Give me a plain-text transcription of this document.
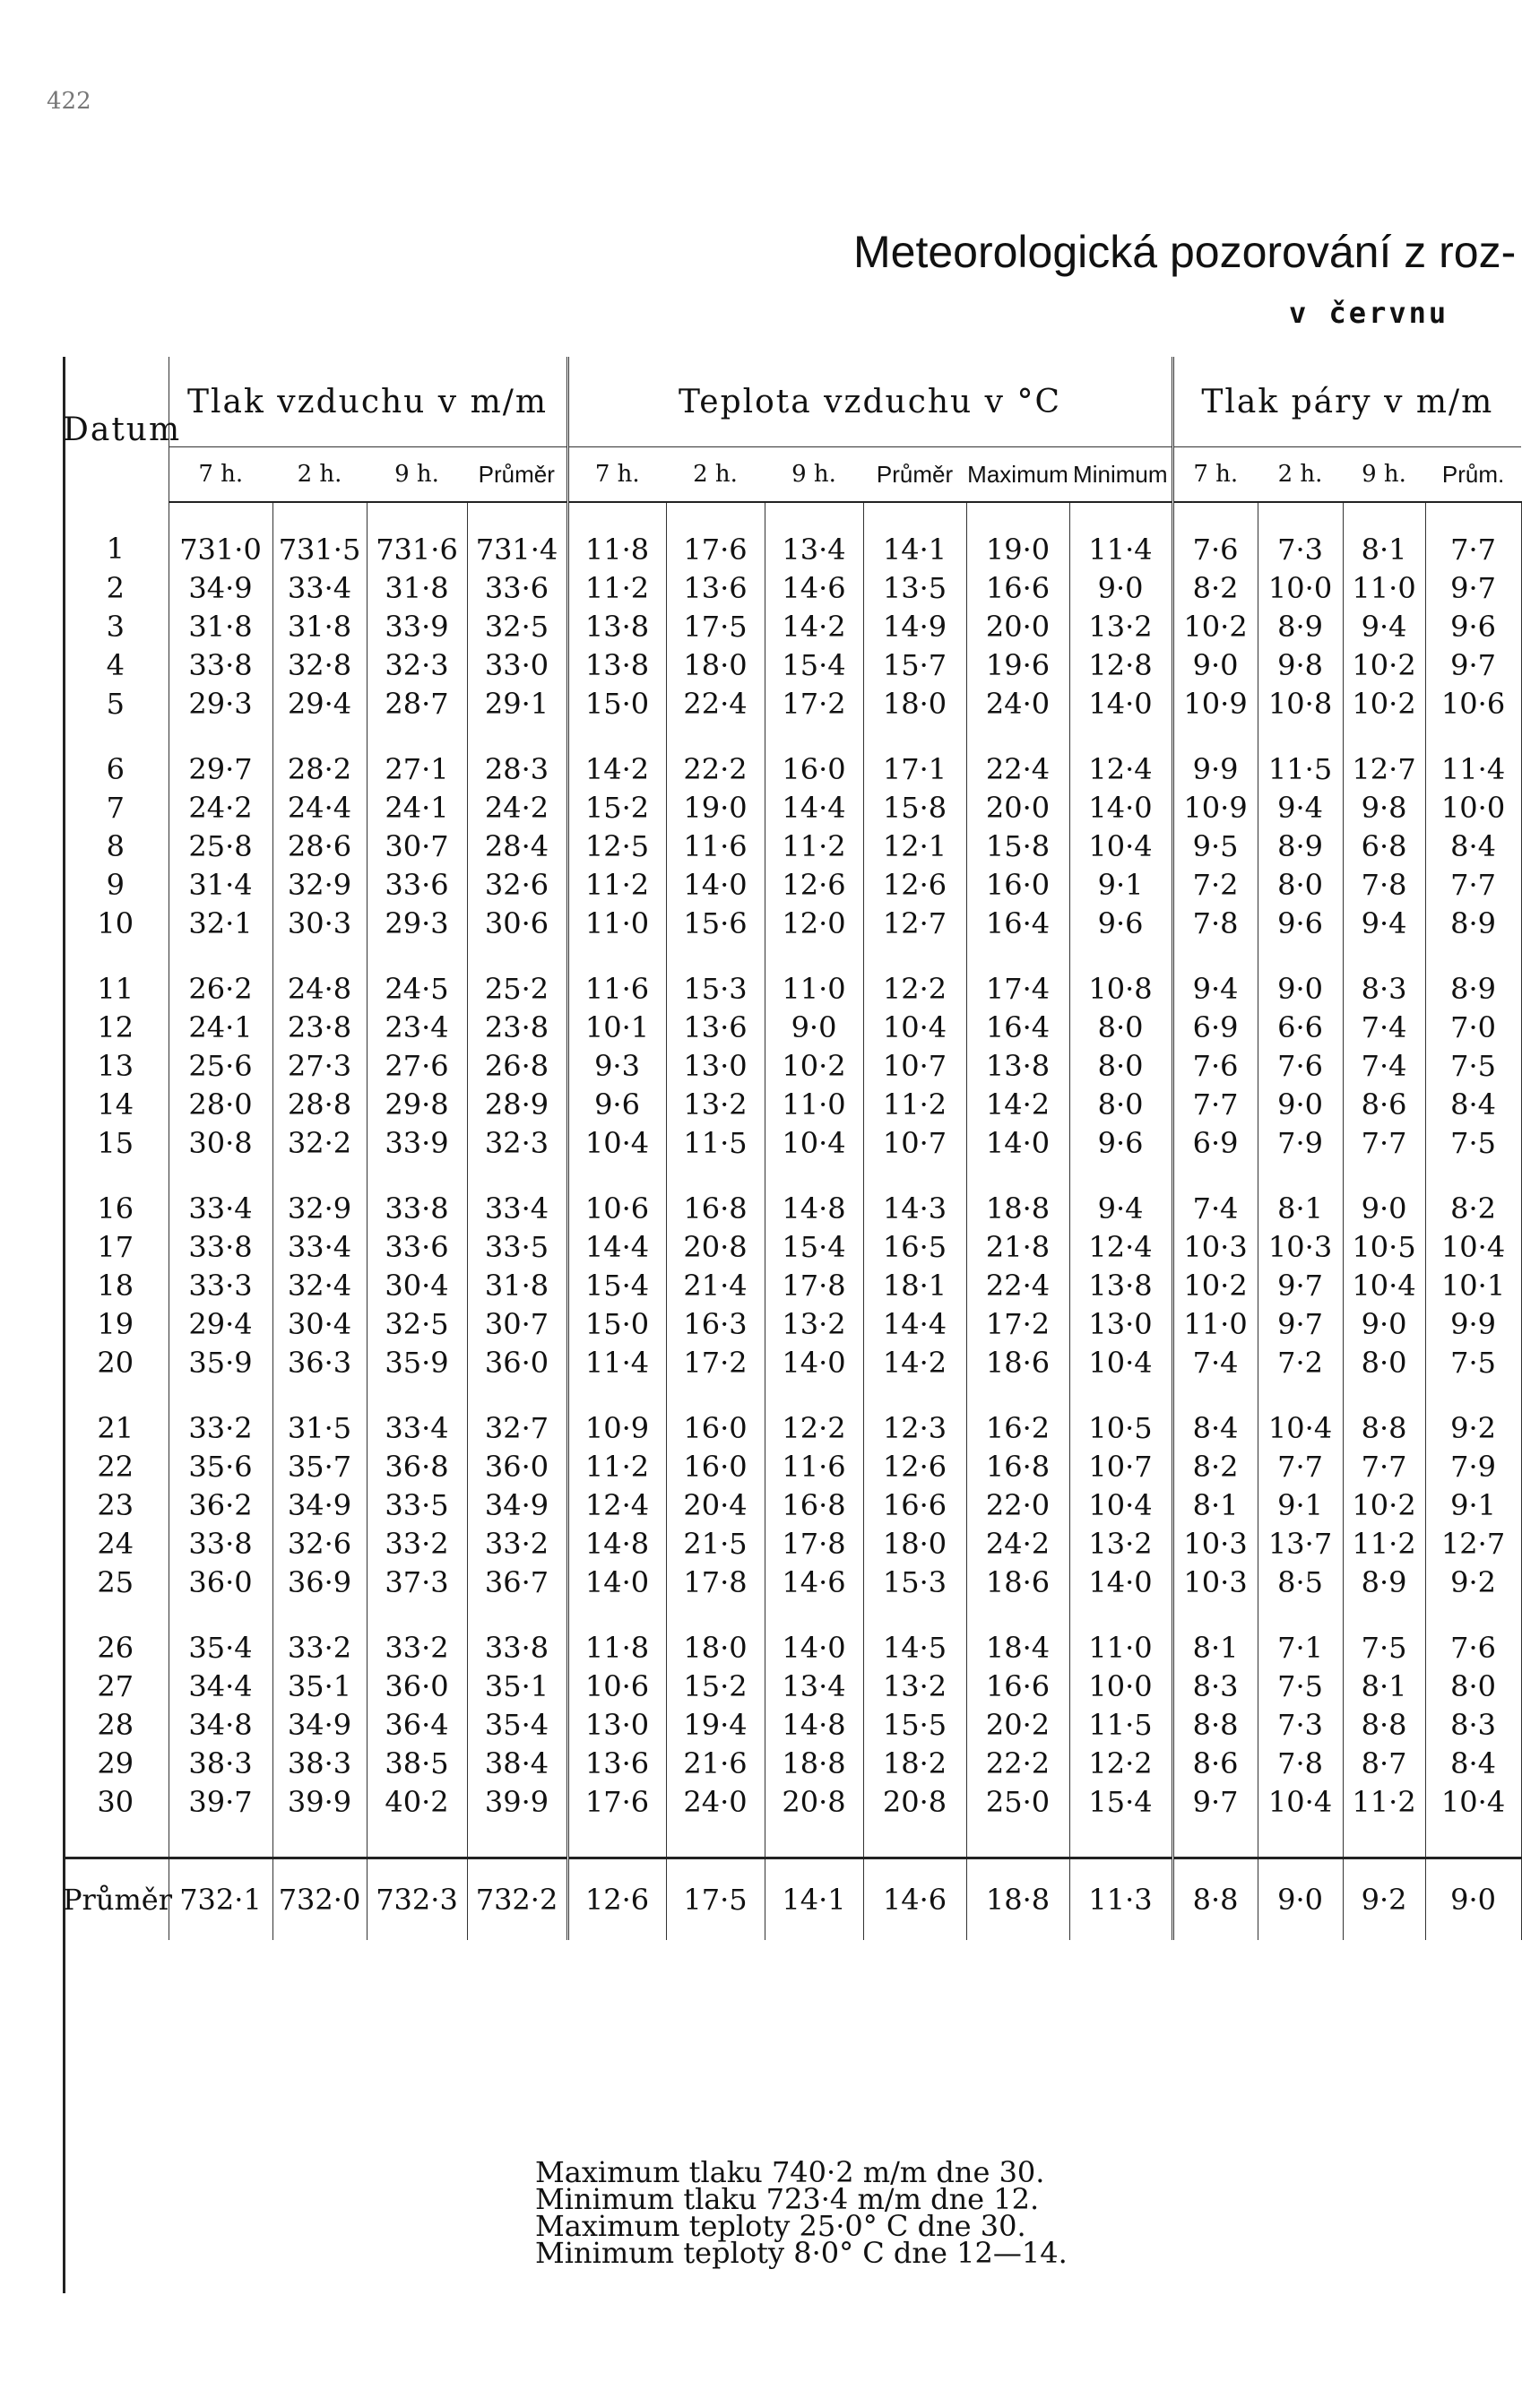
422
Meteorologická pozorování z roz-
v červnu
Datum	Tlak vzduchu v m/m				Teplota vzduchu v °C						Tlak páry v m/m			
	7 h.	2 h.	9 h.	Průměr	7 h.	2 h.	9 h.	Průměr	Maximum	Minimum	7 h.	2 h.	9 h.	Prům.
1	731·0	731·5	731·6	731·4	11·8	17·6	13·4	14·1	19·0	11·4	7·6	7·3	8·1	7·7
2	34·9	33·4	31·8	33·6	11·2	13·6	14·6	13·5	16·6	9·0	8·2	10·0	11·0	9·7
3	31·8	31·8	33·9	32·5	13·8	17·5	14·2	14·9	20·0	13·2	10·2	8·9	9·4	9·6
4	33·8	32·8	32·3	33·0	13·8	18·0	15·4	15·7	19·6	12·8	9·0	9·8	10·2	9·7
5	29·3	29·4	28·7	29·1	15·0	22·4	17·2	18·0	24·0	14·0	10·9	10·8	10·2	10·6

6	29·7	28·2	27·1	28·3	14·2	22·2	16·0	17·1	22·4	12·4	9·9	11·5	12·7	11·4
7	24·2	24·4	24·1	24·2	15·2	19·0	14·4	15·8	20·0	14·0	10·9	9·4	9·8	10·0
8	25·8	28·6	30·7	28·4	12·5	11·6	11·2	12·1	15·8	10·4	9·5	8·9	6·8	8·4
9	31·4	32·9	33·6	32·6	11·2	14·0	12·6	12·6	16·0	9·1	7·2	8·0	7·8	7·7
10	32·1	30·3	29·3	30·6	11·0	15·6	12·0	12·7	16·4	9·6	7·8	9·6	9·4	8·9

11	26·2	24·8	24·5	25·2	11·6	15·3	11·0	12·2	17·4	10·8	9·4	9·0	8·3	8·9
12	24·1	23·8	23·4	23·8	10·1	13·6	9·0	10·4	16·4	8·0	6·9	6·6	7·4	7·0
13	25·6	27·3	27·6	26·8	9·3	13·0	10·2	10·7	13·8	8·0	7·6	7·6	7·4	7·5
14	28·0	28·8	29·8	28·9	9·6	13·2	11·0	11·2	14·2	8·0	7·7	9·0	8·6	8·4
15	30·8	32·2	33·9	32·3	10·4	11·5	10·4	10·7	14·0	9·6	6·9	7·9	7·7	7·5

16	33·4	32·9	33·8	33·4	10·6	16·8	14·8	14·3	18·8	9·4	7·4	8·1	9·0	8·2
17	33·8	33·4	33·6	33·5	14·4	20·8	15·4	16·5	21·8	12·4	10·3	10·3	10·5	10·4
18	33·3	32·4	30·4	31·8	15·4	21·4	17·8	18·1	22·4	13·8	10·2	9·7	10·4	10·1
19	29·4	30·4	32·5	30·7	15·0	16·3	13·2	14·4	17·2	13·0	11·0	9·7	9·0	9·9
20	35·9	36·3	35·9	36·0	11·4	17·2	14·0	14·2	18·6	10·4	7·4	7·2	8·0	7·5

21	33·2	31·5	33·4	32·7	10·9	16·0	12·2	12·3	16·2	10·5	8·4	10·4	8·8	9·2
22	35·6	35·7	36·8	36·0	11·2	16·0	11·6	12·6	16·8	10·7	8·2	7·7	7·7	7·9
23	36·2	34·9	33·5	34·9	12·4	20·4	16·8	16·6	22·0	10·4	8·1	9·1	10·2	9·1
24	33·8	32·6	33·2	33·2	14·8	21·5	17·8	18·0	24·2	13·2	10·3	13·7	11·2	12·7
25	36·0	36·9	37·3	36·7	14·0	17·8	14·6	15·3	18·6	14·0	10·3	8·5	8·9	9·2

26	35·4	33·2	33·2	33·8	11·8	18·0	14·0	14·5	18·4	11·0	8·1	7·1	7·5	7·6
27	34·4	35·1	36·0	35·1	10·6	15·2	13·4	13·2	16·6	10·0	8·3	7·5	8·1	8·0
28	34·8	34·9	36·4	35·4	13·0	19·4	14·8	15·5	20·2	11·5	8·8	7·3	8·8	8·3
29	38·3	38·3	38·5	38·4	13·6	21·6	18·8	18·2	22·2	12·2	8·6	7·8	8·7	8·4
30	39·7	39·9	40·2	39·9	17·6	24·0	20·8	20·8	25·0	15·4	9·7	10·4	11·2	10·4
Průměr	732·1	732·0	732·3	732·2	12·6	17·5	14·1	14·6	18·8	11·3	8·8	9·0	9·2	9·0
Maximum tlaku 740·2 m/m dne 30.
Minimum tlaku 723·4 m/m dne 12.
Maximum teploty 25·0° C dne 30.
Minimum teploty 8·0° C dne 12—14.
